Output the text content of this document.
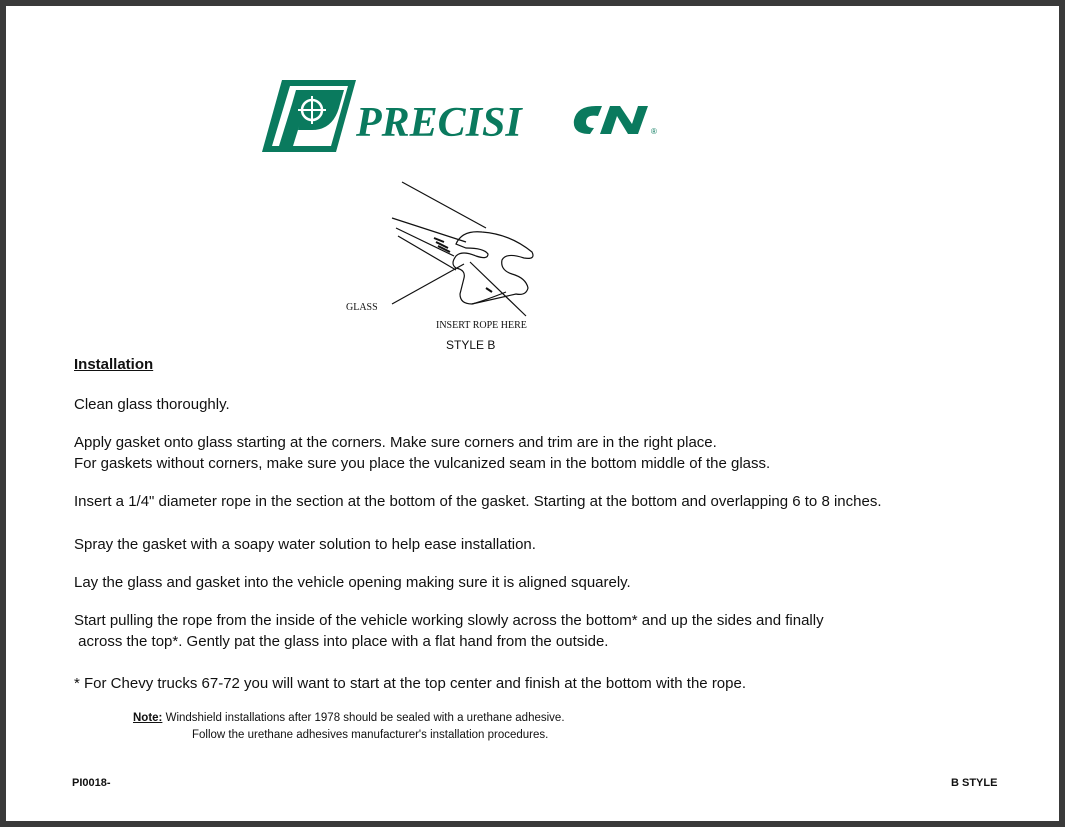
PRECISI	®
GLASS
INSERT ROPE HERE
STYLE B
Installation

Clean glass thoroughly.

Apply gasket onto glass starting at the corners. Make sure corners and trim are in the right place.
For gaskets without corners, make sure you place the vulcanized seam in the bottom middle of the glass.

Insert a 1/4" diameter rope in the section at the bottom of the gasket. Starting at the bottom and overlapping 6 to 8 inches.

Spray the gasket with a soapy water solution to help ease installation.

Lay the glass and gasket into the vehicle opening making sure it is aligned squarely.

Start pulling the rope from the inside of the vehicle working slowly across the bottom* and up the sides and finally
across the top*. Gently pat the glass into place with a flat hand from the outside.

* For Chevy trucks 67-72 you will want to start at the top center and finish at the bottom with the rope.

Note: Windshield installations after 1978 should be sealed with a urethane adhesive.
Follow the urethane adhesives manufacturer's installation procedures.
PI0018-	B STYLE
